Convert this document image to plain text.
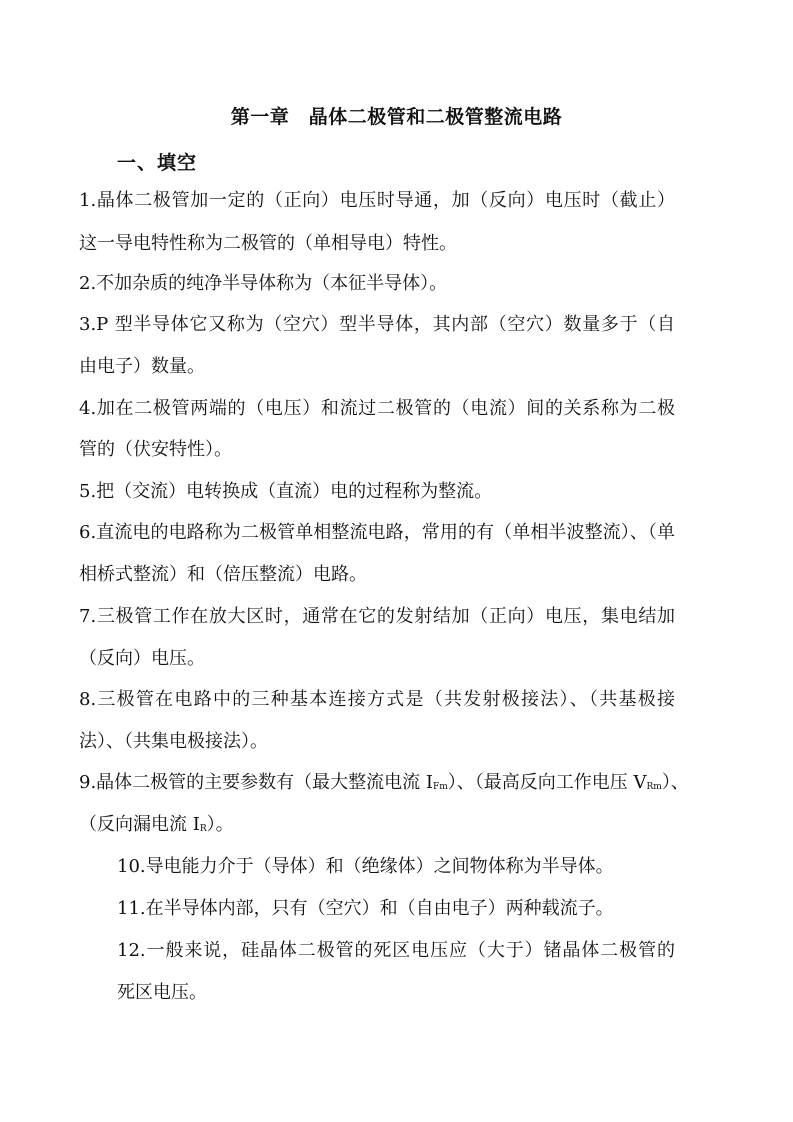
第一章　晶体二极管和二极管整流电路
一、填空
1.晶体二极管加一定的（正向）电压时导通，加（反向）电压时（截止）
这一导电特性称为二极管的（单相导电）特性。
2.不加杂质的纯净半导体称为（本征半导体）。
3.P 型半导体它又称为（空穴）型半导体，其内部（空穴）数量多于（自
由电子）数量。
4.加在二极管两端的（电压）和流过二极管的（电流）间的关系称为二极
管的（伏安特性）。
5.把（交流）电转换成（直流）电的过程称为整流。
6.直流电的电路称为二极管单相整流电路，常用的有（单相半波整流）、（单
相桥式整流）和（倍压整流）电路。
7.三极管工作在放大区时，通常在它的发射结加（正向）电压，集电结加
（反向）电压。
8.三极管在电路中的三种基本连接方式是（共发射极接法）、（共基极接
法）、（共集电极接法）。
9.晶体二极管的主要参数有（最大整流电流 $I_{Fm}$）、（最高反向工作电压 $V_{Rm}$）、
（反向漏电流 $I_R$）。
10.导电能力介于（导体）和（绝缘体）之间物体称为半导体。
11.在半导体内部，只有（空穴）和（自由电子）两种载流子。
12.一般来说，硅晶体二极管的死区电压应（大于）锗晶体二极管的
死区电压。
